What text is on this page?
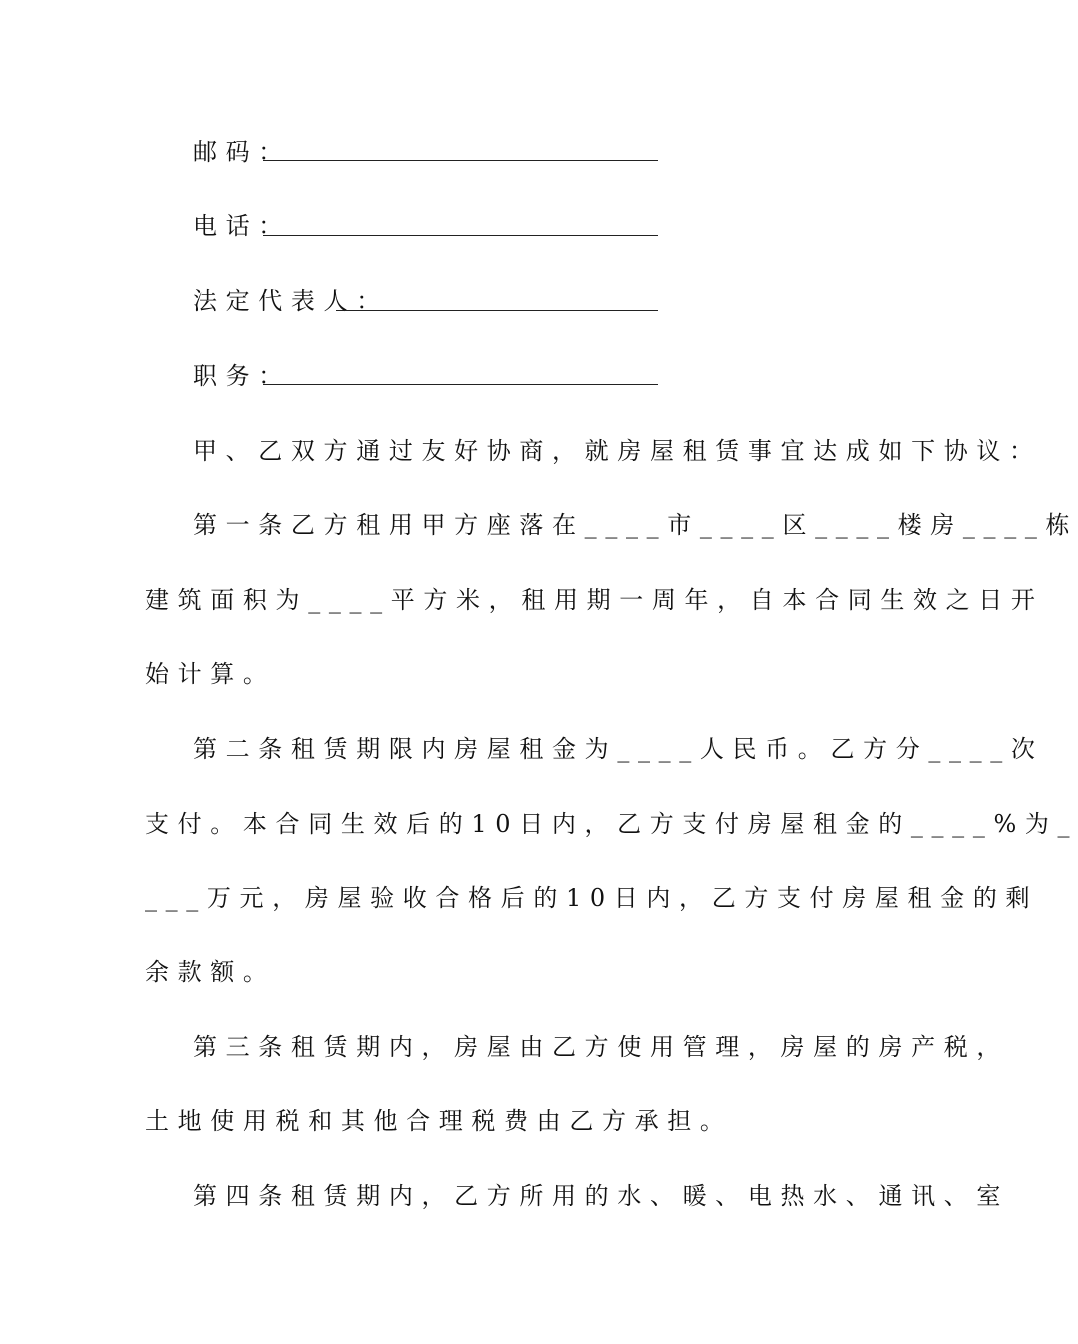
邮码：
电话：
法定代表人：
职务：
甲、乙双方通过友好协商，就房屋租赁事宜达成如下协议：
第一条乙方租用甲方座落在____市____区____楼房____栋
建筑面积为____平方米，租用期一周年，自本合同生效之日开
始计算。
第二条租赁期限内房屋租金为____人民币。乙方分____次
支付。本合同生效后的10日内，乙方支付房屋租金的____%为_
___万元，房屋验收合格后的10日内，乙方支付房屋租金的剩
余款额。
第三条租赁期内，房屋由乙方使用管理，房屋的房产税，
土地使用税和其他合理税费由乙方承担。
第四条租赁期内，乙方所用的水、暖、电热水、通讯、室
